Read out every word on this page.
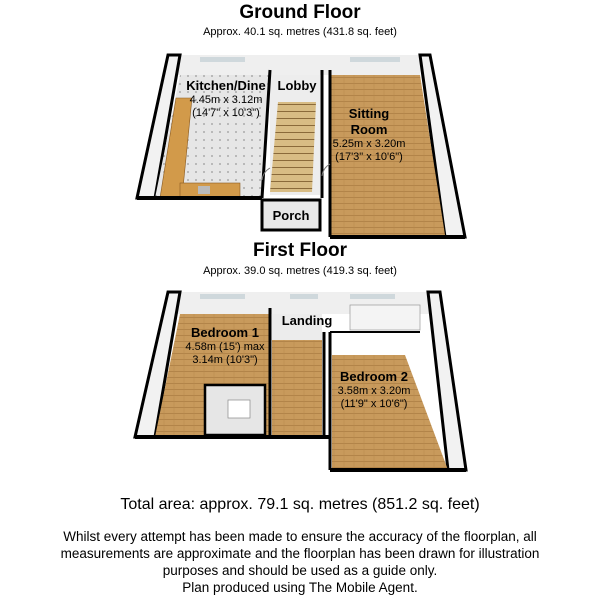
Ground Floor
Approx. 40.1 sq. metres (431.8 sq. feet)
Kitchen/Dine
4.45m x 3.12m
(14'7" x 10'3")
Lobby
Sitting
Room
5.25m x 3.20m
(17'3" x 10'6")
Porch
First Floor
Approx. 39.0 sq. metres (419.3 sq. feet)
Bedroom 1
4.58m (15') max
3.14m (10'3")
Landing
Bedroom 2
3.58m x 3.20m
(11'9" x 10'6")
Total area: approx. 79.1 sq. metres (851.2 sq. feet)
Whilst every attempt has been made to ensure the accuracy of the floorplan, all
measurements are approximate and the floorplan has been drawn for illustration
purposes and should be used as a guide only.
Plan produced using The Mobile Agent.
